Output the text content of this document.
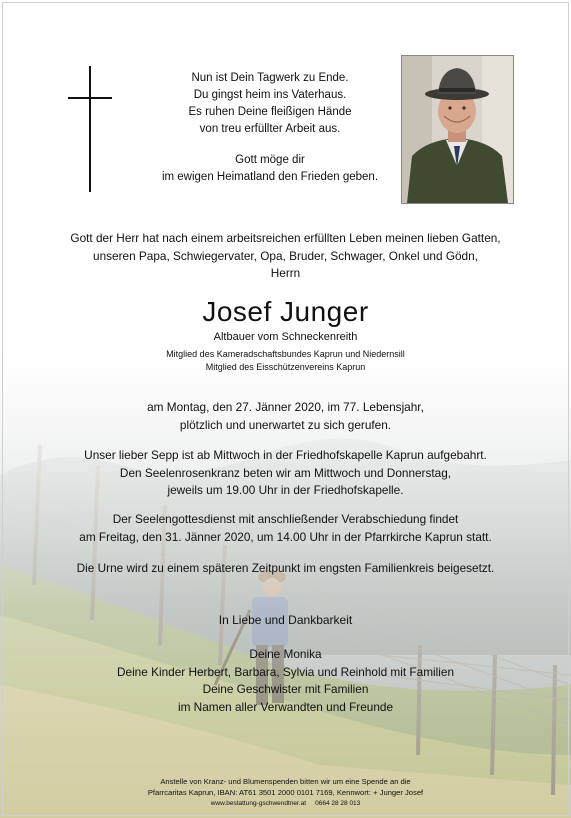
Nun ist Dein Tagwerk zu Ende.
Du gingst heim ins Vaterhaus.
Es ruhen Deine fleißigen Hände
von treu erfüllter Arbeit aus.
Gott möge dir
im ewigen Heimatland den Frieden geben.
Gott der Herr hat nach einem arbeitsreichen erfüllten Leben meinen lieben Gatten,
unseren Papa, Schwiegervater, Opa, Bruder, Schwager, Onkel und Gödn,
Herrn
Josef Junger
Altbauer vom Schneckenreith
Mitglied des Kameradschaftsbundes Kaprun und Niedernsill
Mitglied des Eisschützenvereins Kaprun
am Montag, den 27. Jänner 2020, im 77. Lebensjahr,
plötzlich und unerwartet zu sich gerufen.
Unser lieber Sepp ist ab Mittwoch in der Friedhofskapelle Kaprun aufgebahrt.
Den Seelenrosenkranz beten wir am Mittwoch und Donnerstag,
jeweils um 19.00 Uhr in der Friedhofskapelle.
Der Seelengottesdienst mit anschließender Verabschiedung findet
am Freitag, den 31. Jänner 2020, um 14.00 Uhr in der Pfarrkirche Kaprun statt.
Die Urne wird zu einem späteren Zeitpunkt im engsten Familienkreis beigesetzt.
In Liebe und Dankbarkeit
Deine Monika
Deine Kinder Herbert, Barbara, Sylvia und Reinhold mit Familien
Deine Geschwister mit Familien
im Namen aller Verwandten und Freunde
Anstelle von Kranz- und Blumenspenden bitten wir um eine Spende an die
Pfarrcaritas Kaprun, IBAN: AT61 3501 2000 0101 7169, Kennwort: + Junger Josef
www.bestattung-gschwendtner.at 0664 28 28 013
